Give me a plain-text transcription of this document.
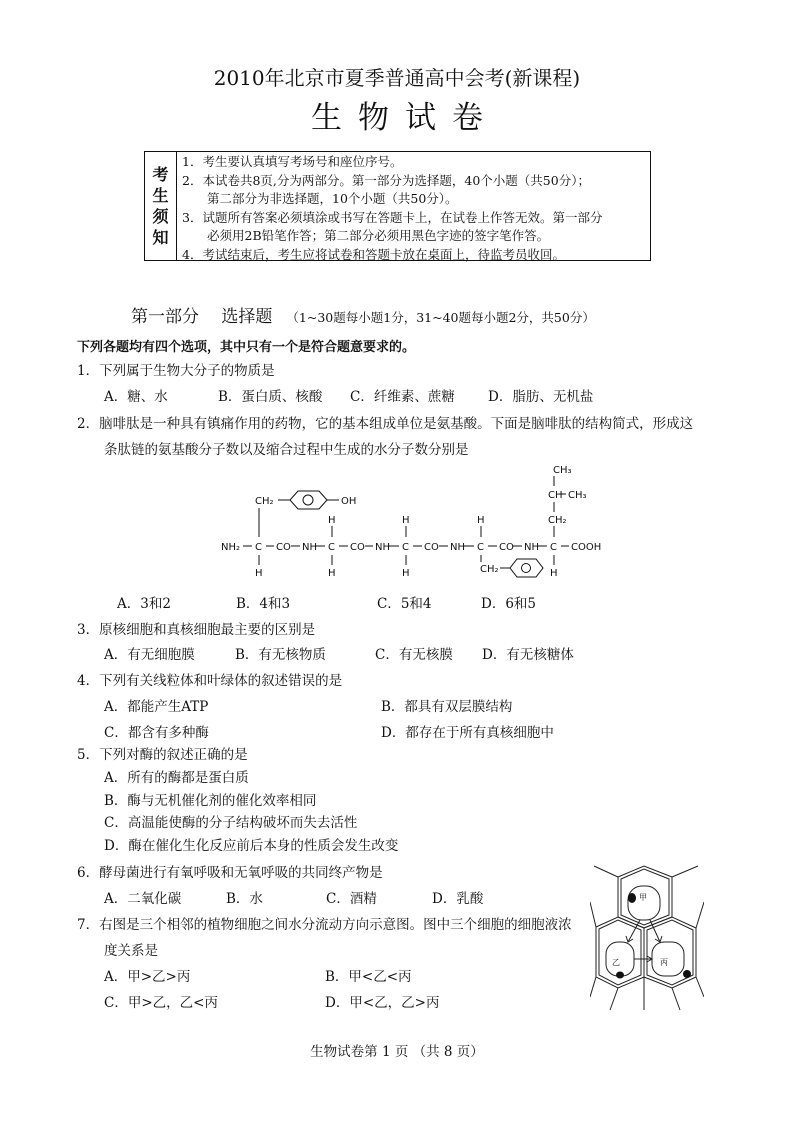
2010年北京市夏季普通高中会考(新课程)
生物试卷
考
生
须
知
1．考生要认真填写考场号和座位序号。
2．本试卷共8页,分为两部分。第一部分为选择题，40个小题（共50分）；
　　第二部分为非选择题，10个小题（共50分）。
3．试题所有答案必须填涂或书写在答题卡上，在试卷上作答无效。第一部分
　　必须用2B铅笔作答；第二部分必须用黑色字迹的签字笔作答。
4．考试结束后，考生应将试卷和答题卡放在桌面上，待监考员收回。
第一部分　 选择题 （1~30题每小题1分，31~40题每小题2分，共50分）
下列各题均有四个选项，其中只有一个是符合题意要求的。
1．下列属于生物大分子的物质是
A．糖、水	B．蛋白质、核酸 C．纤维素、蔗糖 D．脂肪、无机盐
2．脑啡肽是一种具有镇痛作用的药物，它的基本组成单位是氨基酸。下面是脑啡肽的结构简式，形成这
条肽链的氨基酸分子数以及缩合过程中生成的水分子数分别是
CH₃
CH CH₃
CH₂
CH₂	OH
H	H	H
NH₂ C CO NH C CO NH C CO NH C CO NH C COOH
H	H	H	H
CH₂
A．3和2	B．4和3	C．5和4	D．6和5
3．原核细胞和真核细胞最主要的区别是
A．有无细胞膜	B．有无核物质	C．有无核膜 D．有无核糖体
4．下列有关线粒体和叶绿体的叙述错误的是
A．都能产生ATP	B．都具有双层膜结构
C．都含有多种酶	D．都存在于所有真核细胞中
5．下列对酶的叙述正确的是
A．所有的酶都是蛋白质
B．酶与无机催化剂的催化效率相同
C．高温能使酶的分子结构破坏而失去活性
D．酶在催化生化反应前后本身的性质会发生改变
6．酵母菌进行有氧呼吸和无氧呼吸的共同终产物是
A．二氧化碳	B．水	C．酒精	D．乳酸
7．右图是三个相邻的植物细胞之间水分流动方向示意图。图中三个细胞的细胞液浓
度关系是
A．甲>乙>丙	B．甲<乙<丙
C．甲>乙，乙<丙	D．甲<乙，乙>丙
甲
乙	丙
生物试卷第 1 页 （共 8 页）
